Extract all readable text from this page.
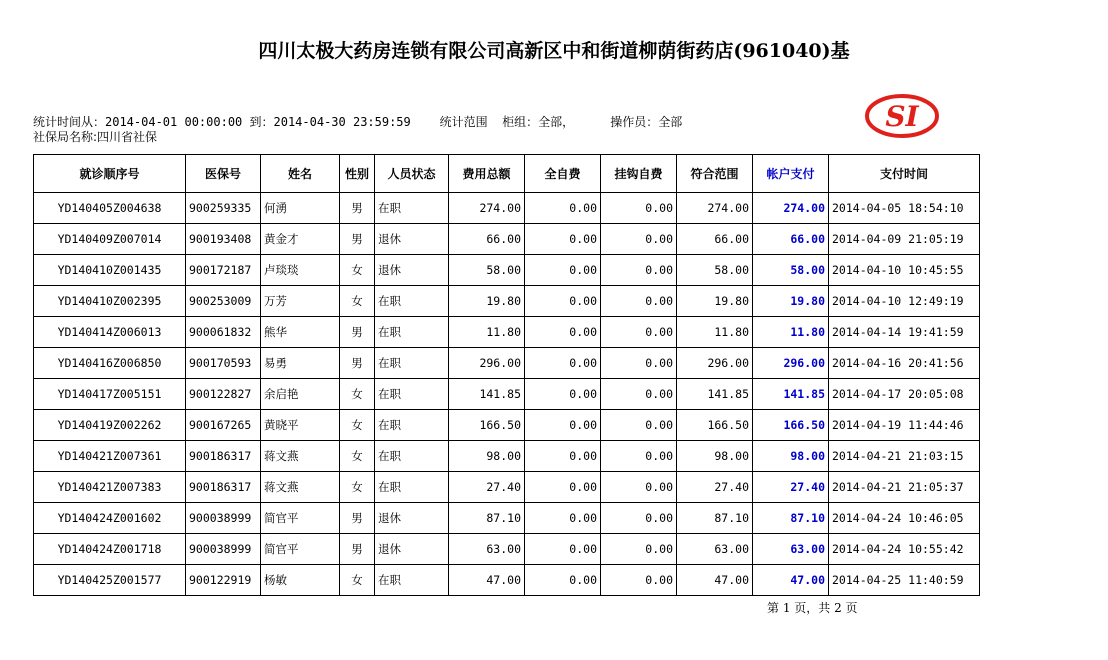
四川太极大药房连锁有限公司高新区中和街道柳荫街药店(961040)基
统计时间从：2014-04-01 00:00:00 到：2014-04-30 23:59:59    统计范围  柜组：全部，     操作员：全部
社保局名称:四川省社保
SI
就诊顺序号	医保号	姓名	性别	人员状态	费用总额	全自费	挂钩自费	符合范围	帐户支付	支付时间
YD140405Z004638	900259335	何湧	男	在职	274.00	0.00	0.00	274.00	274.00	2014-04-05 18:54:10
YD140409Z007014	900193408	黄金才	男	退休	66.00	0.00	0.00	66.00	66.00	2014-04-09 21:05:19
YD140410Z001435	900172187	卢琰琰	女	退休	58.00	0.00	0.00	58.00	58.00	2014-04-10 10:45:55
YD140410Z002395	900253009	万芳	女	在职	19.80	0.00	0.00	19.80	19.80	2014-04-10 12:49:19
YD140414Z006013	900061832	熊华	男	在职	11.80	0.00	0.00	11.80	11.80	2014-04-14 19:41:59
YD140416Z006850	900170593	易勇	男	在职	296.00	0.00	0.00	296.00	296.00	2014-04-16 20:41:56
YD140417Z005151	900122827	余启艳	女	在职	141.85	0.00	0.00	141.85	141.85	2014-04-17 20:05:08
YD140419Z002262	900167265	黄晓平	女	在职	166.50	0.00	0.00	166.50	166.50	2014-04-19 11:44:46
YD140421Z007361	900186317	蒋文燕	女	在职	98.00	0.00	0.00	98.00	98.00	2014-04-21 21:03:15
YD140421Z007383	900186317	蒋文燕	女	在职	27.40	0.00	0.00	27.40	27.40	2014-04-21 21:05:37
YD140424Z001602	900038999	简官平	男	退休	87.10	0.00	0.00	87.10	87.10	2014-04-24 10:46:05
YD140424Z001718	900038999	简官平	男	退休	63.00	0.00	0.00	63.00	63.00	2014-04-24 10:55:42
YD140425Z001577	900122919	杨敏	女	在职	47.00	0.00	0.00	47.00	47.00	2014-04-25 11:40:59
第 1 页，共 2 页
